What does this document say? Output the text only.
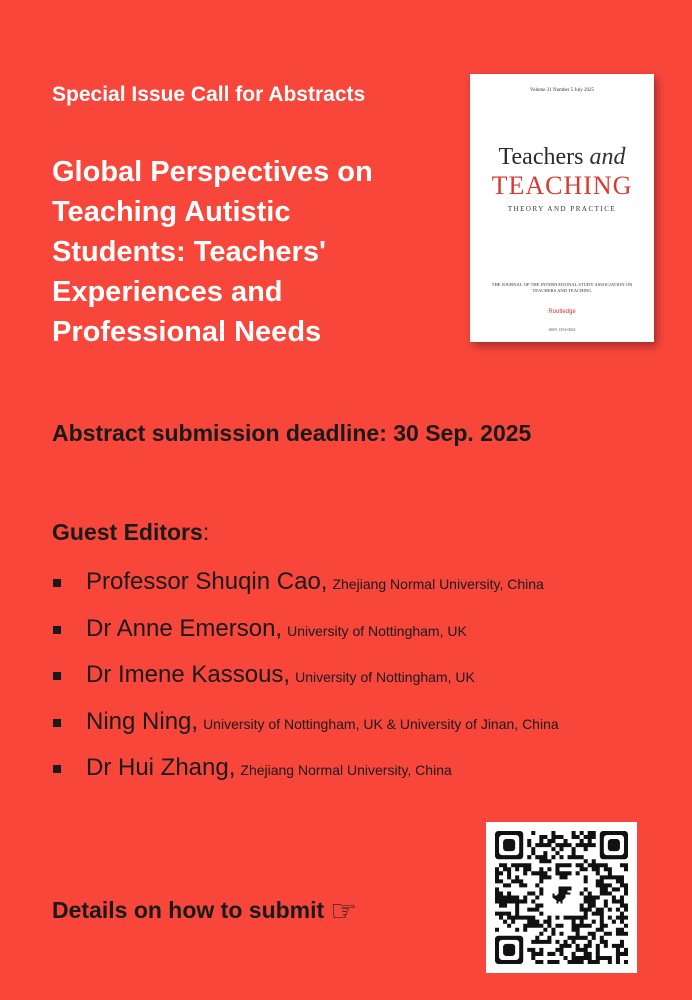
Special Issue Call for Abstracts
Global Perspectives on
Teaching Autistic
Students: Teachers'
Experiences and
Professional Needs
Volume 31 Number 5 July 2025
Teachers and
TEACHING
THEORY AND PRACTICE
THE JOURNAL OF THE INTERNATIONAL STUDY ASSOCIATION ON TEACHERS AND TEACHING
Routledge
ISSN 1354-0602
Abstract submission deadline: 30 Sep. 2025
Guest Editors:
Professor Shuqin Cao, Zhejiang Normal University, China
Dr Anne Emerson, University of Nottingham, UK
Dr Imene Kassous, University of Nottingham, UK
Ning Ning, University of Nottingham, UK & University of Jinan, China
Dr Hui Zhang, Zhejiang Normal University, China
Details on how to submit ☞
